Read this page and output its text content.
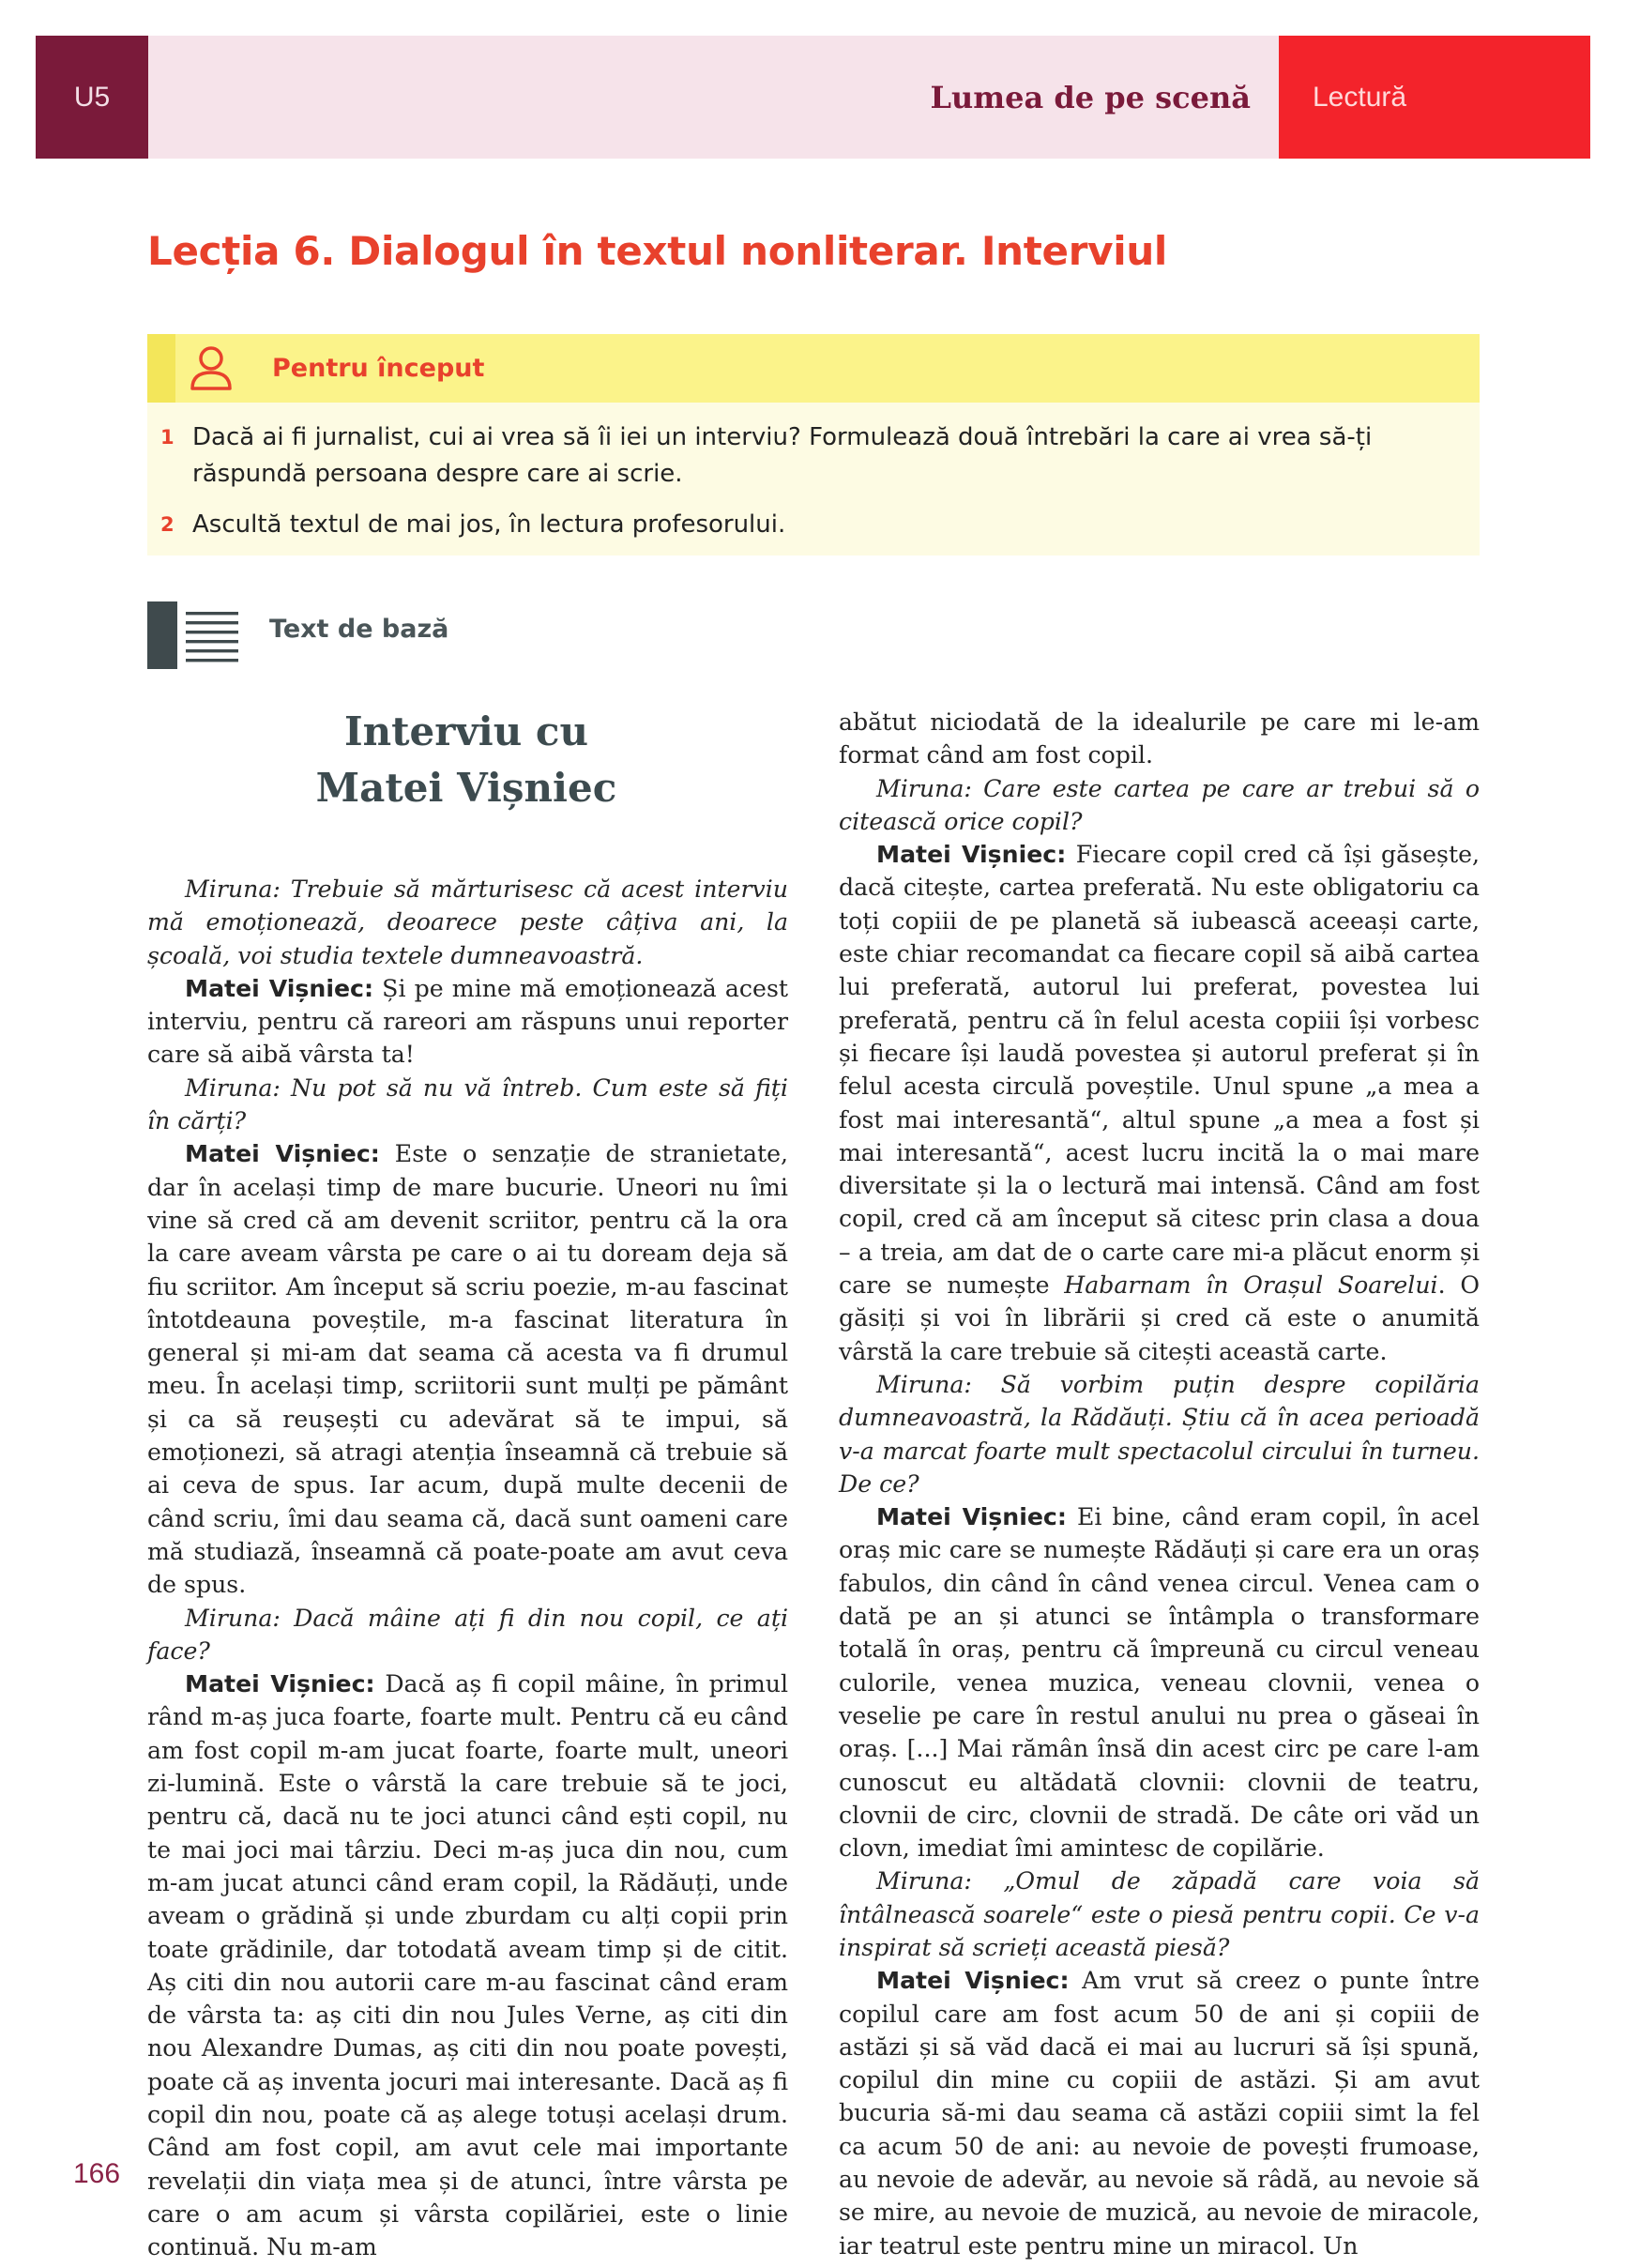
U5	Lumea de pe scenă	Lectură
Lecția 6. Dialogul în textul nonliterar. Interviul
Pentru început
1 Dacă ai fi jurnalist, cui ai vrea să îi iei un interviu? Formulează două întrebări la care ai vrea să-ți răspundă persoana despre care ai scrie.
2 Ascultă textul de mai jos, în lectura profesorului.
Text de bază
Interviu cu
Matei Vișniec

Miruna: Trebuie să mărturisesc că acest interviu mă emoționează, deoarece peste câțiva ani, la școală, voi studia textele dumneavoastră.

Matei Vișniec: Și pe mine mă emoționează acest interviu, pentru că rareori am răspuns unui reporter care să aibă vârsta ta!

Miruna: Nu pot să nu vă întreb. Cum este să fiți în cărți?

Matei Vișniec: Este o senzație de stranietate, dar în același timp de mare bucurie. Uneori nu îmi vine să cred că am devenit scriitor, pentru că la ora la care aveam vârsta pe care o ai tu doream deja să fiu scriitor. Am început să scriu poezie, m-au fascinat întotdeauna poveștile, m-a fascinat literatura în general și mi-am dat seama că acesta va fi drumul meu. În același timp, scriitorii sunt mulți pe pământ și ca să reușești cu adevărat să te impui, să emoționezi, să atragi atenția înseamnă că trebuie să ai ceva de spus. Iar acum, după multe decenii de când scriu, îmi dau seama că, dacă sunt oameni care mă studiază, înseamnă că poate-poate am avut ceva de spus.

Miruna: Dacă mâine ați fi din nou copil, ce ați face?

Matei Vișniec: Dacă aș fi copil mâine, în primul rând m-aș juca foarte, foarte mult. Pentru că eu când am fost copil m-am jucat foarte, foarte mult, uneori zi-lumină. Este o vârstă la care trebuie să te joci, pentru că, dacă nu te joci atunci când ești copil, nu te mai joci mai târziu. Deci m-aș juca din nou, cum m-am jucat atunci când eram copil, la Rădăuți, unde aveam o grădină și unde zburdam cu alți copii prin toate grădinile, dar totodată aveam timp și de citit. Aș citi din nou autorii care m-au fascinat când eram de vârsta ta: aș citi din nou Jules Verne, aș citi din nou Alexandre Dumas, aș citi din nou poate povești, poate că aș inventa jocuri mai interesante. Dacă aș fi copil din nou, poate că aș alege totuși același drum. Când am fost copil, am avut cele mai importante revelații din viața mea și de atunci, între vârsta pe care o am acum și vârsta copilăriei, este o linie continuă. Nu m-am

abătut niciodată de la idealurile pe care mi le-am format când am fost copil.

Miruna: Care este cartea pe care ar trebui să o citească orice copil?

Matei Vișniec: Fiecare copil cred că își găsește, dacă citește, cartea preferată. Nu este obligatoriu ca toți copiii de pe planetă să iubească aceeași carte, este chiar recomandat ca fiecare copil să aibă cartea lui preferată, autorul lui preferat, povestea lui preferată, pentru că în felul acesta copiii își vorbesc și fiecare își laudă povestea și autorul preferat și în felul acesta circulă poveștile. Unul spune „a mea a fost mai interesantă“, altul spune „a mea a fost și mai interesantă“, acest lucru incită la o mai mare diversitate și la o lectură mai intensă. Când am fost copil, cred că am început să citesc prin clasa a doua – a treia, am dat de o carte care mi-a plăcut enorm și care se numește Habarnam în Orașul Soarelui. O găsiți și voi în librării și cred că este o anumită vârstă la care trebuie să citești această carte.

Miruna: Să vorbim puțin despre copilăria dumneavoastră, la Rădăuți. Știu că în acea perioadă v-a marcat foarte mult spectacolul circului în turneu. De ce?

Matei Vișniec: Ei bine, când eram copil, în acel oraș mic care se numește Rădăuți și care era un oraș fabulos, din când în când venea circul. Venea cam o dată pe an și atunci se întâmpla o transformare totală în oraș, pentru că împreună cu circul veneau culorile, venea muzica, veneau clovnii, venea o veselie pe care în restul anului nu prea o găseai în oraș. [...] Mai rămân însă din acest circ pe care l-am cunoscut eu altădată clovnii: clovnii de teatru, clovnii de circ, clovnii de stradă. De câte ori văd un clovn, imediat îmi amintesc de copilărie.

Miruna: „Omul de zăpadă care voia să întâlnească soarele“ este o piesă pentru copii. Ce v-a inspirat să scrieți această piesă?

Matei Vișniec: Am vrut să creez o punte între copilul care am fost acum 50 de ani și copiii de astăzi și să văd dacă ei mai au lucruri să își spună, copilul din mine cu copiii de astăzi. Și am avut bucuria să-mi dau seama că astăzi copiii simt la fel ca acum 50 de ani: au nevoie de povești frumoase, au nevoie de adevăr, au nevoie să râdă, au nevoie să se mire, au nevoie de muzică, au nevoie de miracole, iar teatrul este pentru mine un miracol. Un

166
